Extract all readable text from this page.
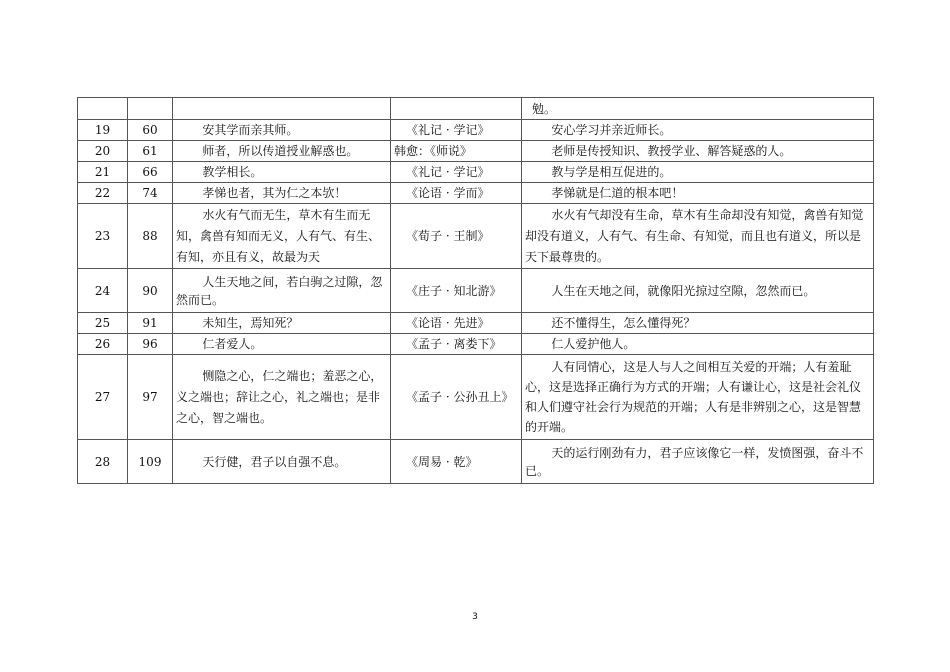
				勉。
19	60	安其学而亲其师。	《礼记 · 学记》	安心学习并亲近师长。
20	61	师者，所以传道授业解惑也。	韩愈：《师说》	老师是传授知识、教授学业、解答疑惑的人。
21	66	教学相长。	《礼记 · 学记》	教与学是相互促进的。
22	74	孝悌也者，其为仁之本欤！	《论语 · 学而》	孝悌就是仁道的根本吧！
23	88	水火有气而无生，草木有生而无知，禽兽有知而无义，人有气、有生、有知，亦且有义，故最为天	《荀子 · 王制》	水火有气却没有生命，草木有生命却没有知觉，禽兽有知觉却没有道义，人有气、有生命、有知觉，而且也有道义，所以是天下最尊贵的。
24	90	人生天地之间，若白驹之过隙，忽然而已。	《庄子 · 知北游》	人生在天地之间，就像阳光掠过空隙，忽然而已。
25	91	未知生，焉知死？	《论语 · 先进》	还不懂得生，怎么懂得死？
26	96	仁者爱人。	《孟子 · 离娄下》	仁人爱护他人。
27	97	恻隐之心，仁之端也；羞恶之心，义之端也；辞让之心，礼之端也；是非之心，智之端也。	《孟子 · 公孙丑上》	人有同情心，这是人与人之间相互关爱的开端；人有羞耻心，这是选择正确行为方式的开端；人有谦让心，这是社会礼仪和人们遵守社会行为规范的开端；人有是非辨别之心，这是智慧的开端。
28	109	天行健，君子以自强不息。	《周易 · 乾》	天的运行刚劲有力，君子应该像它一样，发愤图强，奋斗不已。
3
